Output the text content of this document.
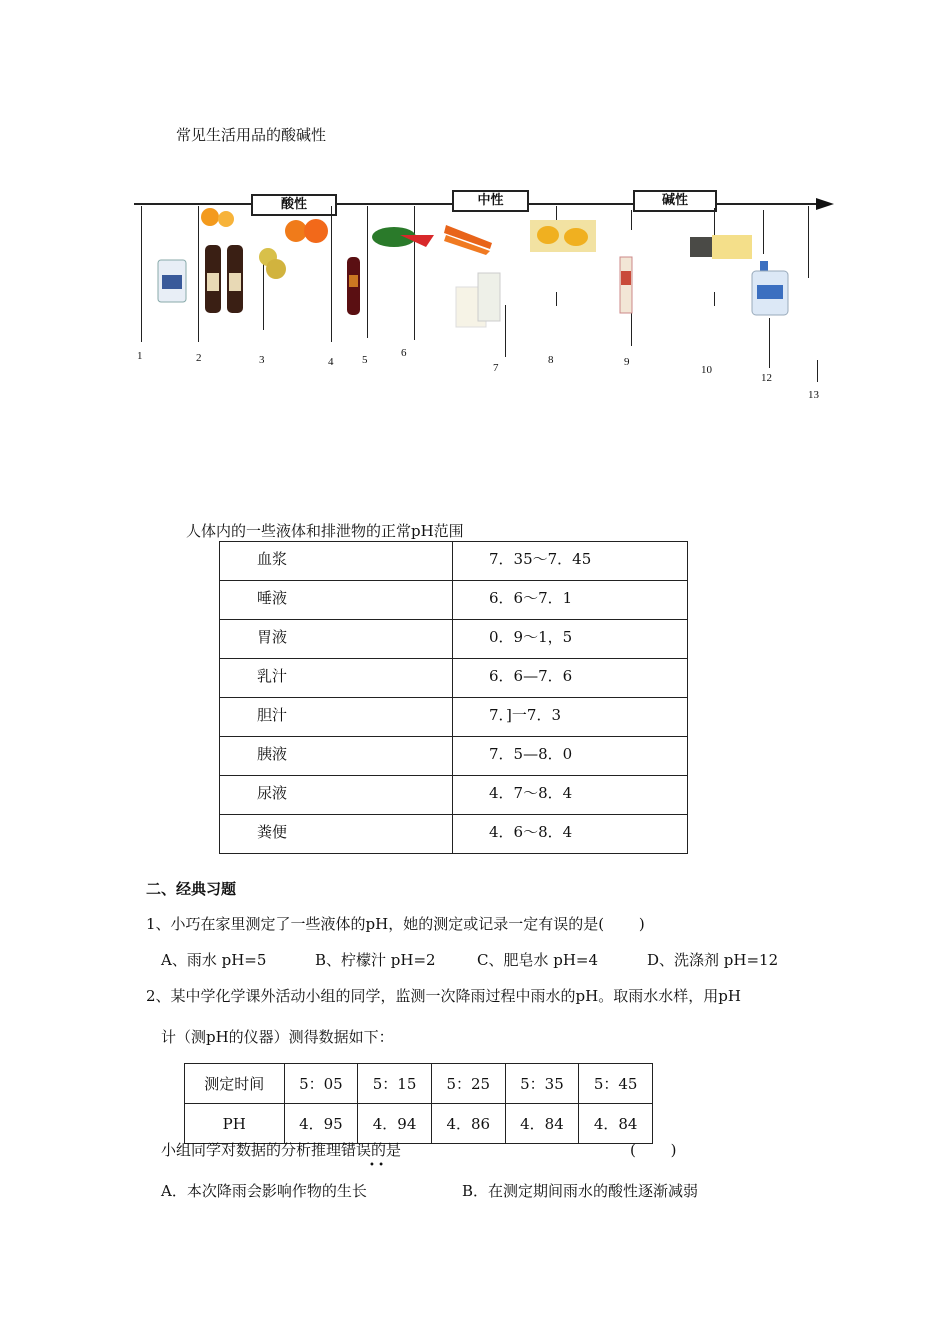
常见生活用品的酸碱性
酸性	中性	碱性
1	2	3	4	5
6
7
8	9
10
12
13
人体内的一些液体和排泄物的正常pH范围
血浆	7．35～7．45

唾液	6．6～7．1

胃液	0．9～1，5

乳汁	6．6—7．6

胆汁	7．]一7．3

胰液	7．5—8．0

尿液	4．7～8．4

粪便	4．6～8．4
二、经典习题
1、小巧在家里测定了一些液体的pH，她的测定或记录一定有误的是(　　 )
A、雨水 pH=5	B、柠檬汁 pH=2	C、肥皂水 pH=4	D、洗涤剂 pH=12
2、某中学化学课外活动小组的同学，监测一次降雨过程中雨水的pH。取雨水水样，用pH
计（测pH的仪器）测得数据如下：
测定时间	5：05	5：15	5：25	5：35	5：45
PH	4．95	4．94	4．86	4．84	4．84
小组同学对数据的分析推理错误的是
• •
(　　 )
A．本次降雨会影响作物的生长	B．在测定期间雨水的酸性逐渐减弱
